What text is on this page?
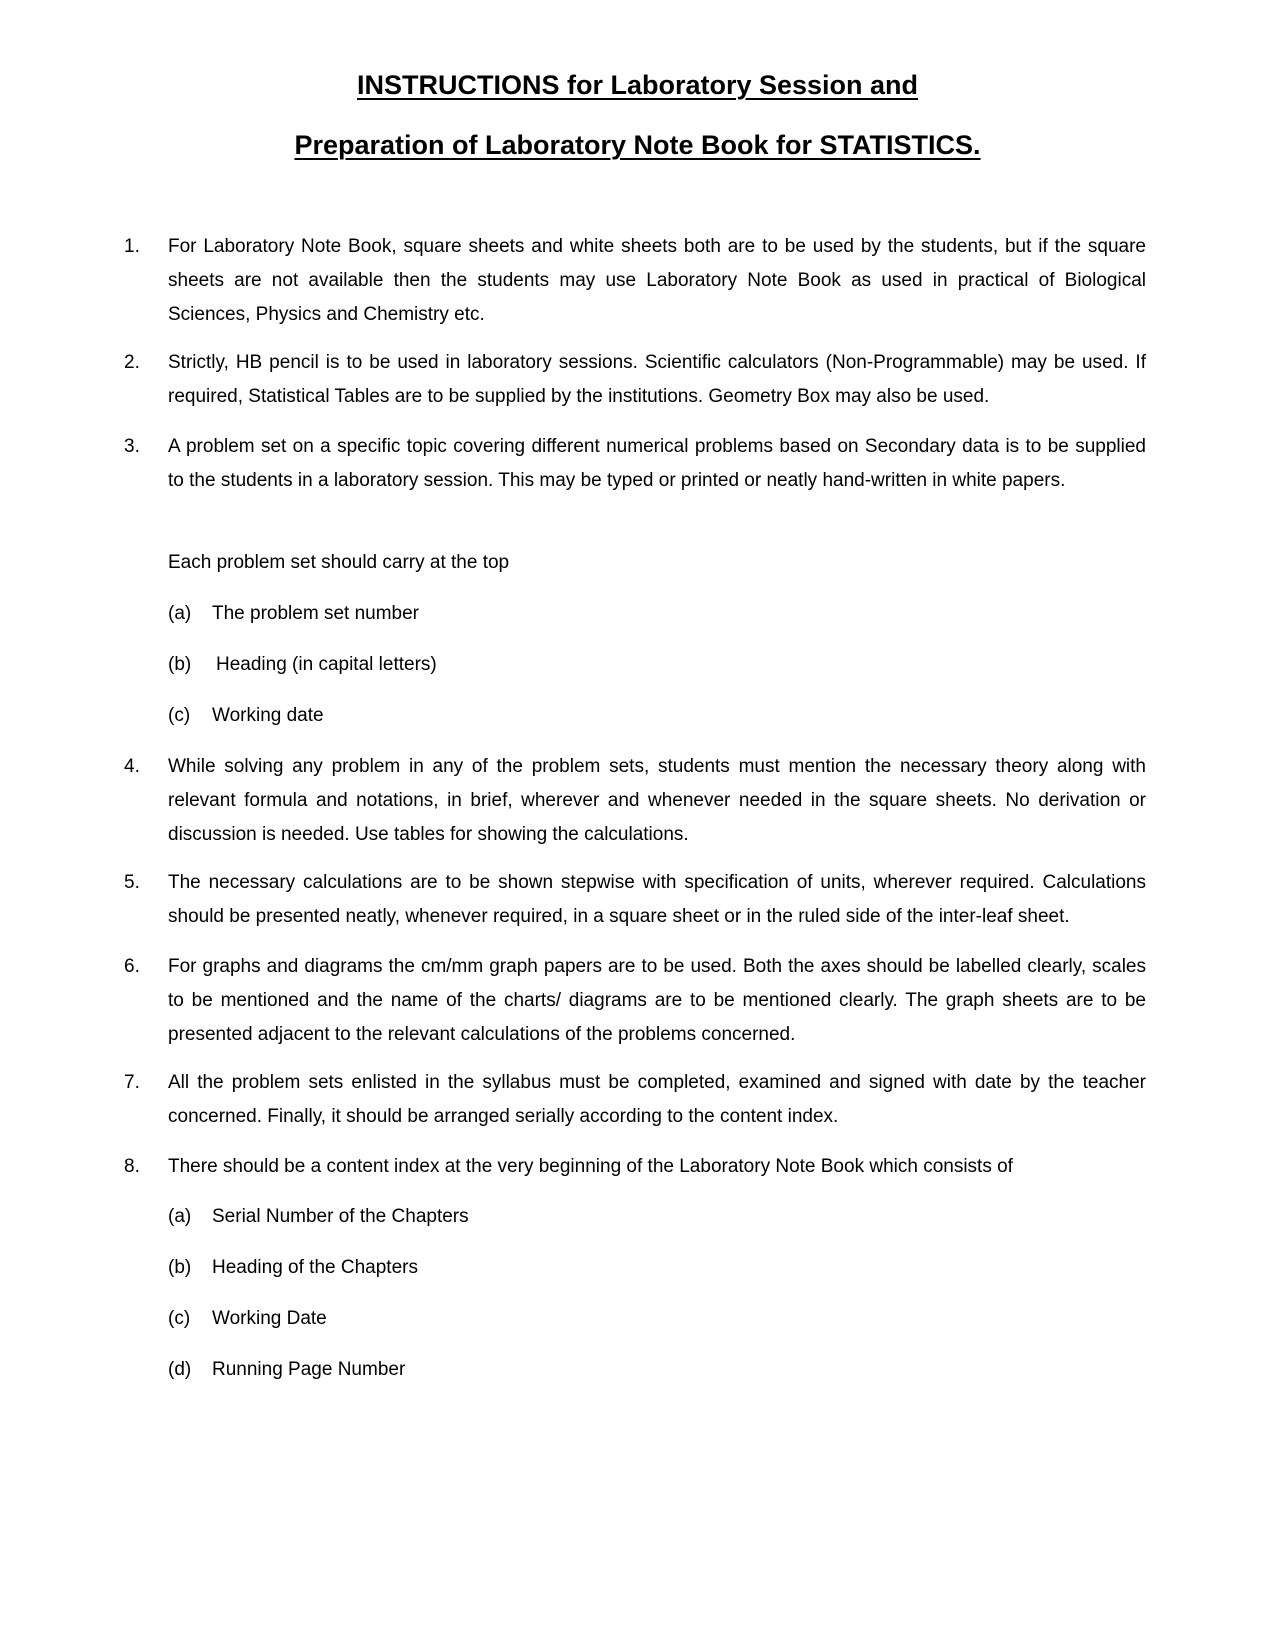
INSTRUCTIONS for Laboratory Session and
Preparation of Laboratory Note Book for STATISTICS.
1. For Laboratory Note Book, square sheets and white sheets both are to be used by the students, but if the square sheets are not available then the students may use Laboratory Note Book as used in practical of Biological Sciences, Physics and Chemistry etc.
2. Strictly, HB pencil is to be used in laboratory sessions. Scientific calculators (Non-Programmable) may be used. If required, Statistical Tables are to be supplied by the institutions. Geometry Box may also be used.
3. A problem set on a specific topic covering different numerical problems based on Secondary data is to be supplied to the students in a laboratory session. This may be typed or printed or neatly hand-written in white papers.
Each problem set should carry at the top
(a) The problem set number
(b) Heading (in capital letters)
(c) Working date
4. While solving any problem in any of the problem sets, students must mention the necessary theory along with relevant formula and notations, in brief, wherever and whenever needed in the square sheets. No derivation or discussion is needed. Use tables for showing the calculations.
5. The necessary calculations are to be shown stepwise with specification of units, wherever required. Calculations should be presented neatly, whenever required, in a square sheet or in the ruled side of the inter-leaf sheet.
6. For graphs and diagrams the cm/mm graph papers are to be used. Both the axes should be labelled clearly, scales to be mentioned and the name of the charts/ diagrams are to be mentioned clearly. The graph sheets are to be presented adjacent to the relevant calculations of the problems concerned.
7. All the problem sets enlisted in the syllabus must be completed, examined and signed with date by the teacher concerned. Finally, it should be arranged serially according to the content index.
8. There should be a content index at the very beginning of the Laboratory Note Book which consists of
(a) Serial Number of the Chapters
(b) Heading of the Chapters
(c) Working Date
(d) Running Page Number
